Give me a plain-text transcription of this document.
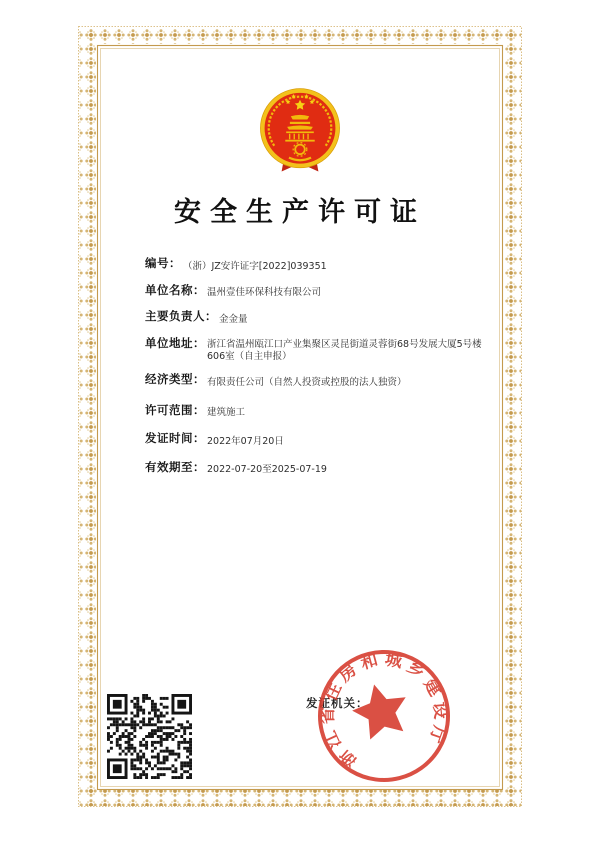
安全生产许可证
编号： （浙）JZ安许证字[2022]039351
单位名称： 温州壹佳环保科技有限公司
主要负责人： 金金量
单位地址： 浙江省温州瓯江口产业集聚区灵昆街道灵蓉街68号发展大厦5号楼606室（自主申报）
经济类型： 有限责任公司（自然人投资或控股的法人独资）
许可范围： 建筑施工
发证时间： 2022年07月20日
有效期至： 2022-07-20至2025-07-19
发证机关：
浙江省住房和城乡建设厅
